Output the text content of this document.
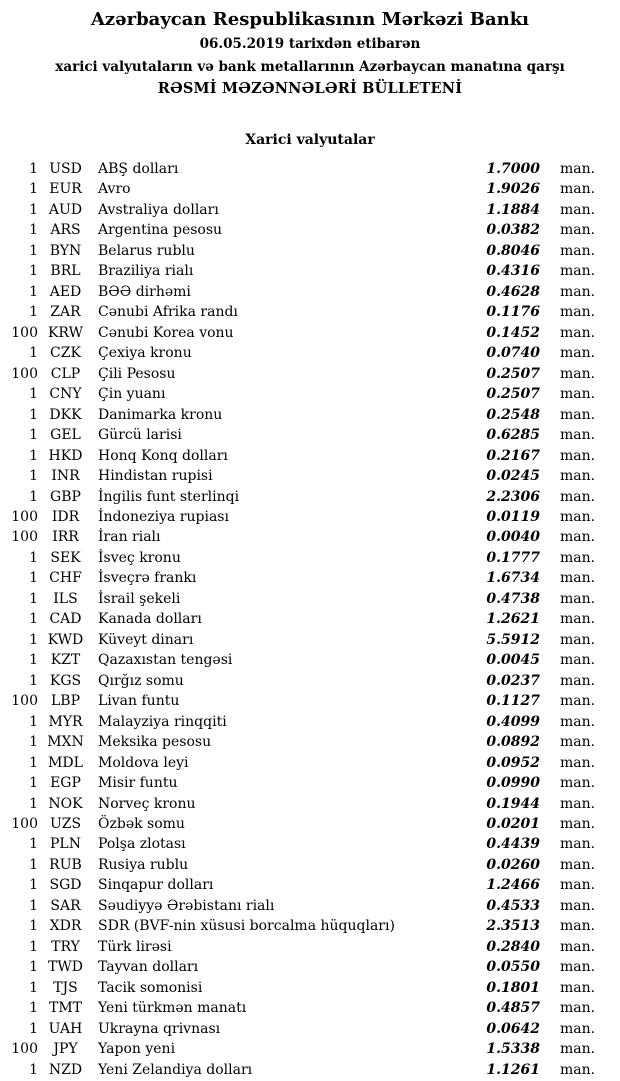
Azərbaycan Respublikasının Mərkəzi Bankı
06.05.2019 tarixdən etibarən
xarici valyutaların və bank metallarının Azərbaycan manatına qarşı
RƏSMİ MƏZƏNNƏLƏRİ BÜLLETENİ
Xarici valyutalar
1 USD	ABŞ dolları	1.7000	man.
1 EUR	Avro	1.9026	man.
1 AUD	Avstraliya dolları	1.1884	man.
1 ARS	Argentina pesosu	0.0382	man.
1 BYN	Belarus rublu	0.8046	man.
1 BRL	Braziliya rialı	0.4316	man.
1 AED	BƏƏ dirhəmi	0.4628	man.
1 ZAR	Cənubi Afrika randı	0.1176	man.
100 KRW	Cənubi Korea vonu	0.1452	man.
1 CZK	Çexiya kronu	0.0740	man.
100 CLP	Çili Pesosu	0.2507	man.
1 CNY	Çin yuanı	0.2507	man.
1 DKK	Danimarka kronu	0.2548	man.
1 GEL	Gürcü larisi	0.6285	man.
1 HKD	Honq Konq dolları	0.2167	man.
1 INR	Hindistan rupisi	0.0245	man.
1 GBP	İngilis funt sterlinqi	2.2306	man.
100 IDR	İndoneziya rupiası	0.0119	man.
100	IRR	İran rialı	0.0040	man.
1 SEK	İsveç kronu	0.1777	man.
1 CHF	İsveçrə frankı	1.6734	man.
1	ILS	İsrail şekeli	0.4738	man.
1 CAD	Kanada dolları	1.2621	man.
1 KWD	Küveyt dinarı	5.5912	man.
1 KZT	Qazaxıstan tengəsi	0.0045	man.
1 KGS	Qırğız somu	0.0237	man.
100 LBP	Livan funtu	0.1127	man.
1 MYR	Malayziya rinqqiti	0.4099	man.
1 MXN	Meksika pesosu	0.0892	man.
1 MDL	Moldova leyi	0.0952	man.
1 EGP	Misir funtu	0.0990	man.
1 NOK	Norveç kronu	0.1944	man.
100 UZS	Özbək somu	0.0201	man.
1 PLN	Polşa zlotası	0.4439	man.
1 RUB	Rusiya rublu	0.0260	man.
1 SGD	Sinqapur dolları	1.2466	man.
1 SAR	Səudiyyə Ərəbistanı rialı	0.4533	man.
1 XDR	SDR (BVF-nin xüsusi borcalma hüquqları)	2.3513	man.
1 TRY	Türk lirəsi	0.2840	man.
1 TWD	Tayvan dolları	0.0550	man.
1	TJS	Tacik somonisi	0.1801	man.
1 TMT	Yeni türkmən manatı	0.4857	man.
1 UAH	Ukrayna qrivnası	0.0642	man.
100	JPY	Yapon yeni	1.5338	man.
1 NZD	Yeni Zelandiya dolları	1.1261	man.
